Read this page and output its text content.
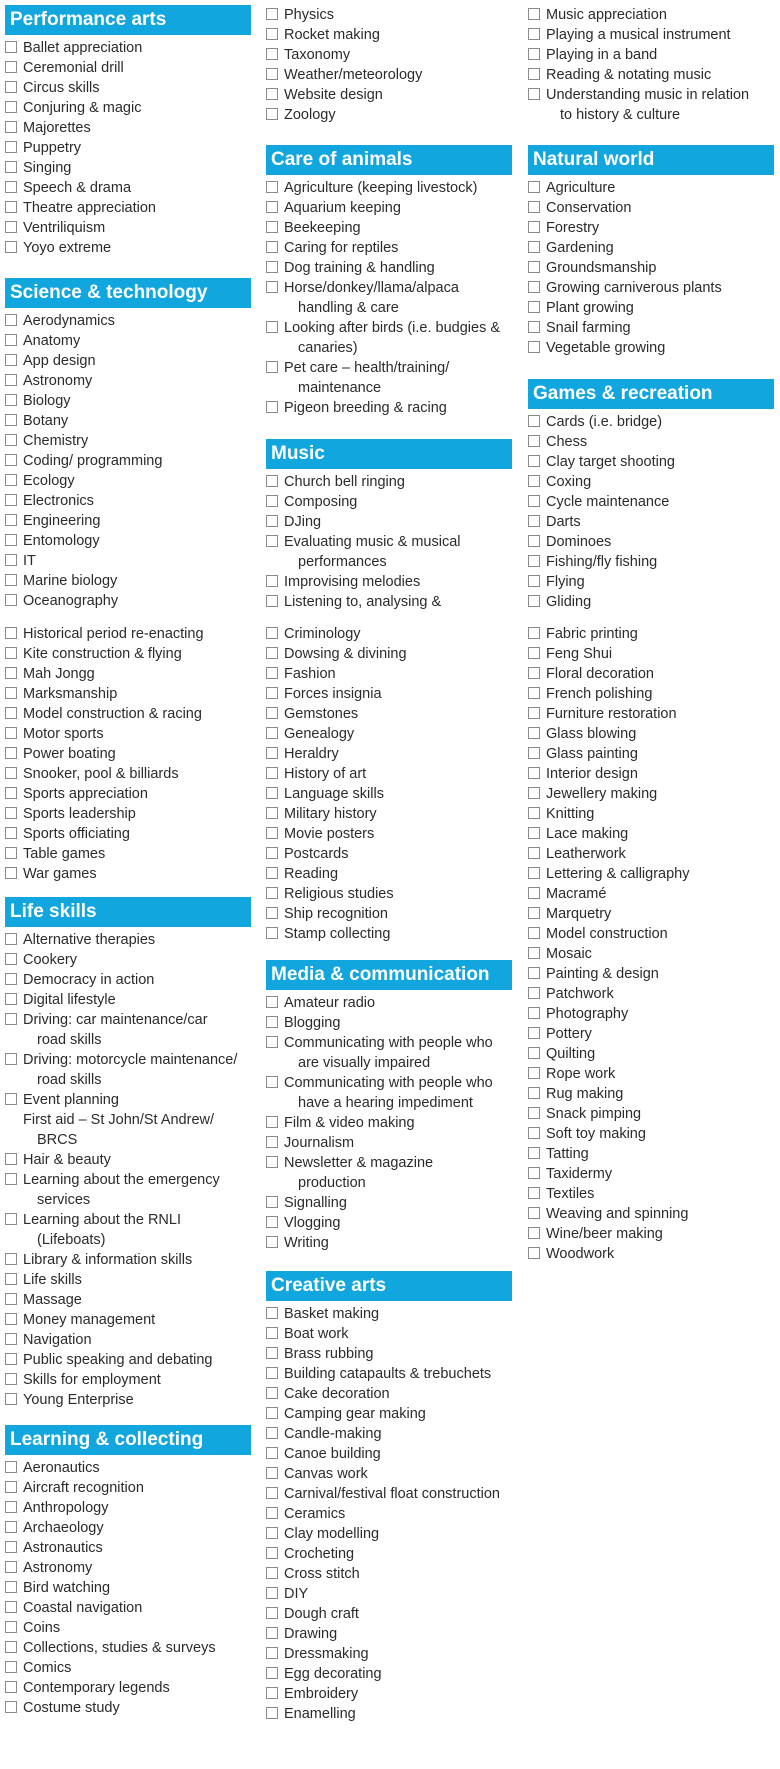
Performance arts
Ballet appreciation
Ceremonial drill
Circus skills
Conjuring & magic
Majorettes
Puppetry
Singing
Speech & drama
Theatre appreciation
Ventriliquism
Yoyo extreme
Science & technology
Aerodynamics
Anatomy
App design
Astronomy
Biology
Botany
Chemistry
Coding/ programming
Ecology
Electronics
Engineering
Entomology
IT
Marine biology
Oceanography
Historical period re-enacting
Kite construction & flying
Mah Jongg
Marksmanship
Model construction & racing
Motor sports
Power boating
Snooker, pool & billiards
Sports appreciation
Sports leadership
Sports officiating
Table games
War games
Life skills
Alternative therapies
Cookery
Democracy in action
Digital lifestyle
Driving: car maintenance/car
road skills
Driving: motorcycle maintenance/
road skills
Event planning
First aid – St John/St Andrew/
BRCS
Hair & beauty
Learning about the emergency
services
Learning about the RNLI
(Lifeboats)
Library & information skills
Life skills
Massage
Money management
Navigation
Public speaking and debating
Skills for employment
Young Enterprise
Learning & collecting
Aeronautics
Aircraft recognition
Anthropology
Archaeology
Astronautics
Astronomy
Bird watching
Coastal navigation
Coins
Collections, studies & surveys
Comics
Contemporary legends
Costume study
Physics
Rocket making
Taxonomy
Weather/meteorology
Website design
Zoology
Care of animals
Agriculture (keeping livestock)
Aquarium keeping
Beekeeping
Caring for reptiles
Dog training & handling
Horse/donkey/llama/alpaca
handling & care
Looking after birds (i.e. budgies &
canaries)
Pet care – health/training/
maintenance
Pigeon breeding & racing
Music
Church bell ringing
Composing
DJing
Evaluating music & musical
performances
Improvising melodies
Listening to, analysing &
Criminology
Dowsing & divining
Fashion
Forces insignia
Gemstones
Genealogy
Heraldry
History of art
Language skills
Military history
Movie posters
Postcards
Reading
Religious studies
Ship recognition
Stamp collecting
Media & communication
Amateur radio
Blogging
Communicating with people who
are visually impaired
Communicating with people who
have a hearing impediment
Film & video making
Journalism
Newsletter & magazine
production
Signalling
Vlogging
Writing
Creative arts
Basket making
Boat work
Brass rubbing
Building catapaults & trebuchets
Cake decoration
Camping gear making
Candle-making
Canoe building
Canvas work
Carnival/festival float construction
Ceramics
Clay modelling
Crocheting
Cross stitch
DIY
Dough craft
Drawing
Dressmaking
Egg decorating
Embroidery
Enamelling
Music appreciation
Playing a musical instrument
Playing in a band
Reading & notating music
Understanding music in relation
to history & culture
Natural world
Agriculture
Conservation
Forestry
Gardening
Groundsmanship
Growing carniverous plants
Plant growing
Snail farming
Vegetable growing
Games & recreation
Cards (i.e. bridge)
Chess
Clay target shooting
Coxing
Cycle maintenance
Darts
Dominoes
Fishing/fly fishing
Flying
Gliding
Fabric printing
Feng Shui
Floral decoration
French polishing
Furniture restoration
Glass blowing
Glass painting
Interior design
Jewellery making
Knitting
Lace making
Leatherwork
Lettering & calligraphy
Macramé
Marquetry
Model construction
Mosaic
Painting & design
Patchwork
Photography
Pottery
Quilting
Rope work
Rug making
Snack pimping
Soft toy making
Tatting
Taxidermy
Textiles
Weaving and spinning
Wine/beer making
Woodwork
